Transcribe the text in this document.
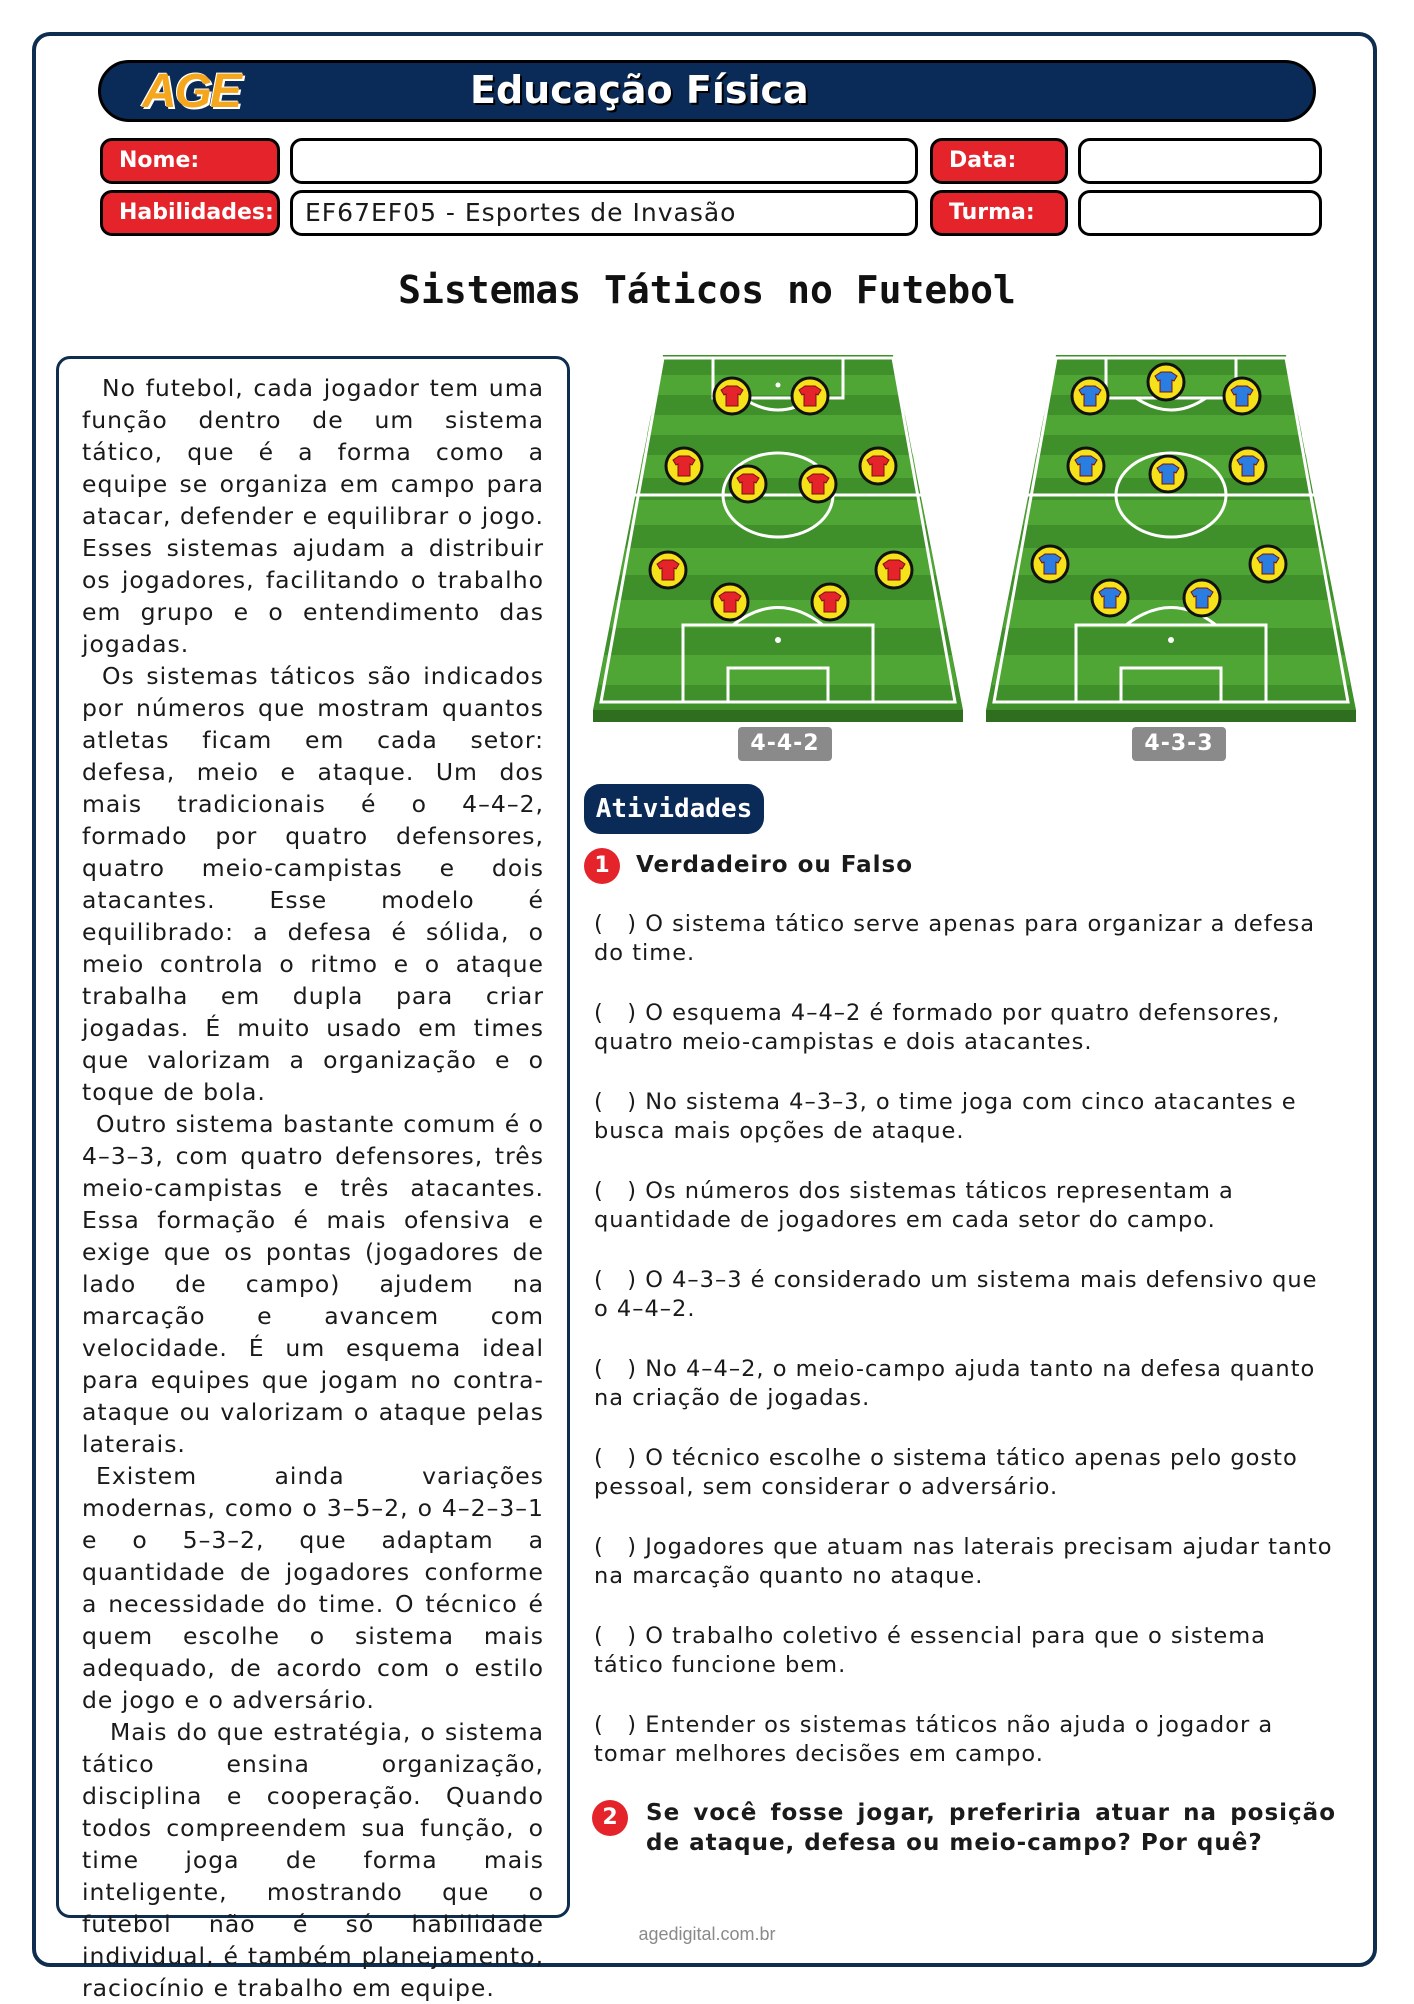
AGE	Educação Física
Nome:	Data:
Habilidades:	EF67EF05 - Esportes de Invasão	Turma:
Sistemas Táticos no Futebol

No futebol, cada jogador tem uma função dentro de um sistema tático, que é a forma como a equipe se organiza em campo para atacar, defender e equilibrar o jogo. Esses sistemas ajudam a distribuir os jogadores, facilitando o trabalho em grupo e o entendimento das jogadas.

Os sistemas táticos são indicados por números que mostram quantos atletas ficam em cada setor: defesa, meio e ataque. Um dos mais tradicionais é o 4–4–2, formado por quatro defensores, quatro meio-campistas e dois atacantes. Esse modelo é equilibrado: a defesa é sólida, o meio controla o ritmo e o ataque trabalha em dupla para criar jogadas. É muito usado em times que valorizam a organização e o toque de bola.

Outro sistema bastante comum é o 4–3–3, com quatro defensores, três meio-campistas e três atacantes. Essa formação é mais ofensiva e exige que os pontas (jogadores de lado de campo) ajudem na marcação e avancem com velocidade. É um esquema ideal para equipes que jogam no contra-ataque ou valorizam o ataque pelas laterais.

Existem ainda variações modernas, como o 3–5–2, o 4–2–3–1 e o 5–3–2, que adaptam a quantidade de jogadores conforme a necessidade do time. O técnico é quem escolhe o sistema mais adequado, de acordo com o estilo de jogo e o adversário.

Mais do que estratégia, o sistema tático ensina organização, disciplina e cooperação. Quando todos compreendem sua função, o time joga de forma mais inteligente, mostrando que o futebol não é só habilidade individual, é também planejamento, raciocínio e trabalho em equipe.

4-4-2	4-3-3
Atividades
1	Verdadeiro ou Falso
( ) O sistema tático serve apenas para organizar a defesa do time.
( ) O esquema 4–4–2 é formado por quatro defensores, quatro meio-campistas e dois atacantes.
( ) No sistema 4–3–3, o time joga com cinco atacantes e busca mais opções de ataque.
( ) Os números dos sistemas táticos representam a quantidade de jogadores em cada setor do campo.
( ) O 4–3–3 é considerado um sistema mais defensivo que o 4–4–2.
( ) No 4–4–2, o meio-campo ajuda tanto na defesa quanto na criação de jogadas.
( ) O técnico escolhe o sistema tático apenas pelo gosto pessoal, sem considerar o adversário.
( ) Jogadores que atuam nas laterais precisam ajudar tanto na marcação quanto no ataque.
( ) O trabalho coletivo é essencial para que o sistema tático funcione bem.
( ) Entender os sistemas táticos não ajuda o jogador a tomar melhores decisões em campo.
2	Se você fosse jogar, preferiria atuar na posição de ataque, defesa ou meio-campo? Por quê?
agedigital.com.br
